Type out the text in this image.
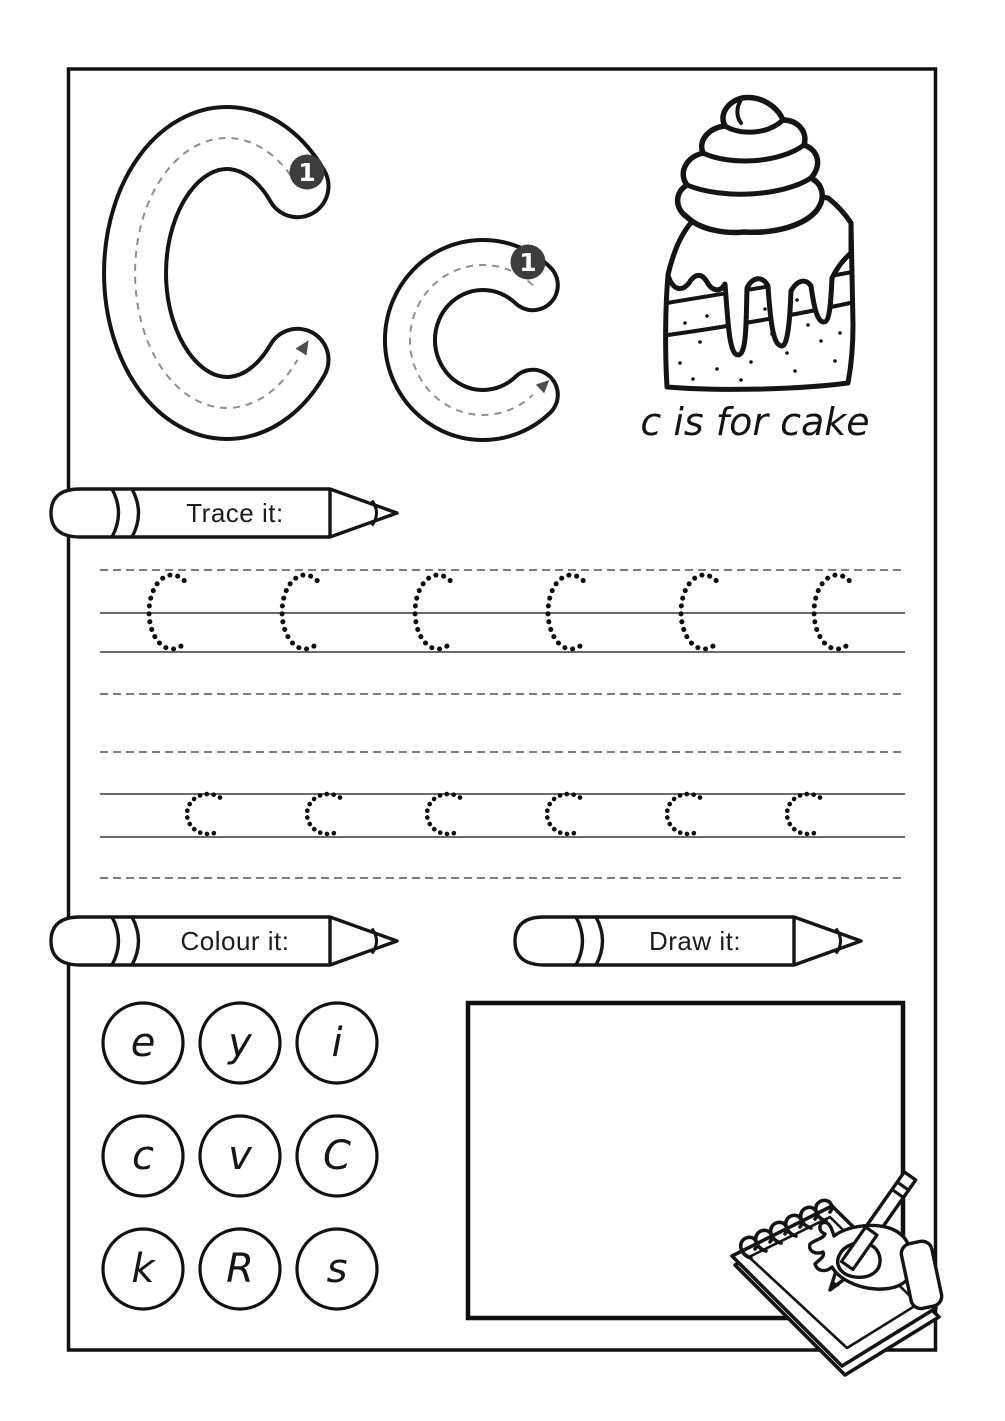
1
1
Trace it:
Colour it:	Draw it:
c is for cake
e	y	i
c	v	C
k	R	s
